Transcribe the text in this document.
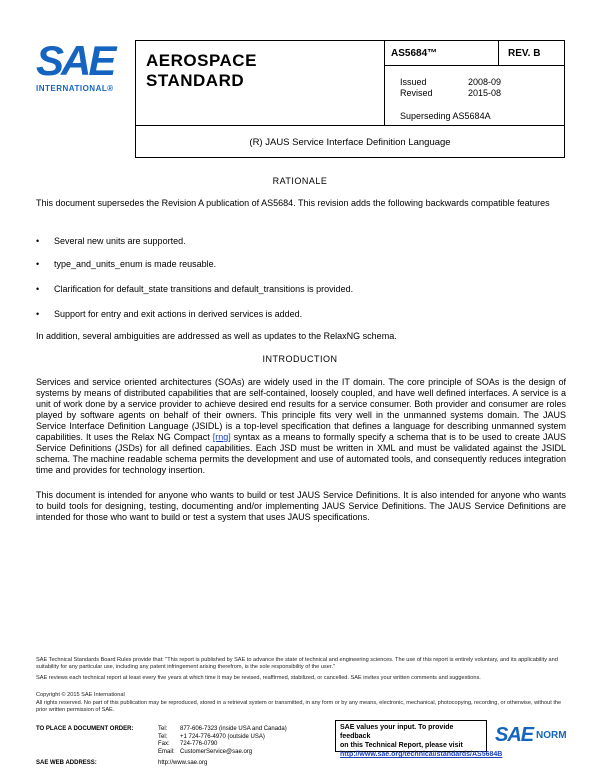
SAE
INTERNATIONAL®
AEROSPACE
STANDARD
AS5684™	REV. B
Issued	2008-09
Revised	2015-08
Superseding AS5684A
(R) JAUS Service Interface Definition Language
RATIONALE
This document supersedes the Revision A publication of AS5684. This revision adds the following backwards compatible features
• Several new units are supported.
• type_and_units_enum is made reusable.
• Clarification for default_state transitions and default_transitions is provided.
• Support for entry and exit actions in derived services is added.
In addition, several ambiguities are addressed as well as updates to the RelaxNG schema.
INTRODUCTION
Services and service oriented architectures (SOAs) are widely used in the IT domain. The core principle of SOAs is the design of systems by means of distributed capabilities that are self-contained, loosely coupled, and have well defined interfaces. A service is a unit of work done by a service provider to achieve desired end results for a service consumer. Both provider and consumer are roles played by software agents on behalf of their owners. This principle fits very well in the unmanned systems domain. The JAUS Service Interface Definition Language (JSIDL) is a top-level specification that defines a language for describing unmanned system capabilities. It uses the Relax NG Compact [rng] syntax as a means to formally specify a schema that is to be used to create JAUS Service Definitions (JSDs) for all defined capabilities. Each JSD must be written in XML and must be validated against the JSIDL schema. The machine readable schema permits the development and use of automated tools, and consequently reduces integration time and provides for technology insertion.
This document is intended for anyone who wants to build or test JAUS Service Definitions. It is also intended for anyone who wants to build tools for designing, testing, documenting and/or implementing JAUS Service Definitions. The JAUS Service Definitions are intended for those who want to build or test a system that uses JAUS specifications.
SAE Technical Standards Board Rules provide that: "This report is published by SAE to advance the state of technical and engineering sciences. The use of this report is entirely voluntary, and its applicability and suitability for any particular use, including any patent infringement arising therefrom, is the sole responsibility of the user."
SAE reviews each technical report at least every five years at which time it may be revised, reaffirmed, stabilized, or cancelled. SAE invites your written comments and suggestions.
Copyright © 2015 SAE International
All rights reserved. No part of this publication may be reproduced, stored in a retrieval system or transmitted, in any form or by any means, electronic, mechanical, photocopying, recording, or otherwise, without the prior written permission of SAE.
TO PLACE A DOCUMENT ORDER:	Tel: 877-606-7323 (inside USA and Canada)
Tel: +1 724-776-4970 (outside USA)
Fax: 724-776-0790
Email: CustomerService@sae.org
SAE WEB ADDRESS:	http://www.sae.org
SAE values your input. To provide feedback
on this Technical Report, please visit
http://www.sae.org/technical/standards/AS5684B
SAE NORM
